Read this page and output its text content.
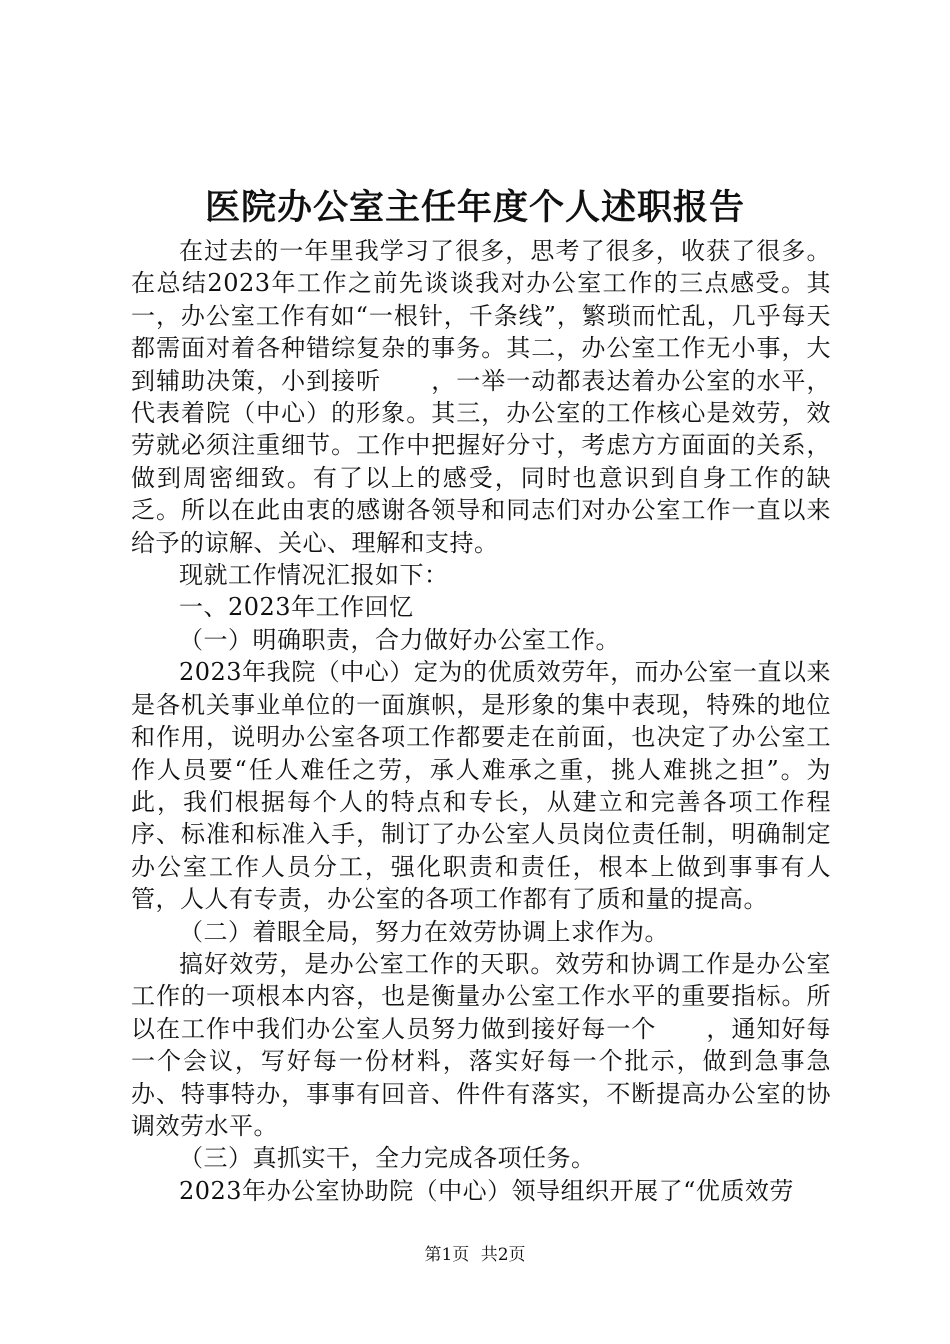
医院办公室主任年度个人述职报告

在过去的一年里我学习了很多，思考了很多，收获了很多。在总结2023年工作之前先谈谈我对办公室工作的三点感受。其一，办公室工作有如“一根针，千条线”，繁琐而忙乱，几乎每天都需面对着各种错综复杂的事务。其二，办公室工作无小事，大到辅助决策，小到接听　　，一举一动都表达着办公室的水平，代表着院（中心）的形象。其三，办公室的工作核心是效劳，效劳就必须注重细节。工作中把握好分寸，考虑方方面面的关系，做到周密细致。有了以上的感受，同时也意识到自身工作的缺乏。所以在此由衷的感谢各领导和同志们对办公室工作一直以来给予的谅解、关心、理解和支持。

现就工作情况汇报如下：

一、2023年工作回忆

（一）明确职责，合力做好办公室工作。

2023年我院（中心）定为的优质效劳年，而办公室一直以来是各机关事业单位的一面旗帜，是形象的集中表现，特殊的地位和作用，说明办公室各项工作都要走在前面，也决定了办公室工作人员要“任人难任之劳，承人难承之重，挑人难挑之担”。为此，我们根据每个人的特点和专长，从建立和完善各项工作程序、标准和标准入手，制订了办公室人员岗位责任制，明确制定办公室工作人员分工，强化职责和责任，根本上做到事事有人管，人人有专责，办公室的各项工作都有了质和量的提高。

（二）着眼全局，努力在效劳协调上求作为。

搞好效劳，是办公室工作的天职。效劳和协调工作是办公室工作的一项根本内容，也是衡量办公室工作水平的重要指标。所以在工作中我们办公室人员努力做到接好每一个　　，通知好每一个会议，写好每一份材料，落实好每一个批示，做到急事急办、特事特办，事事有回音、件件有落实，不断提高办公室的协调效劳水平。

（三）真抓实干，全力完成各项任务。

2023年办公室协助院（中心）领导组织开展了“优质效劳

第1页 共2页
